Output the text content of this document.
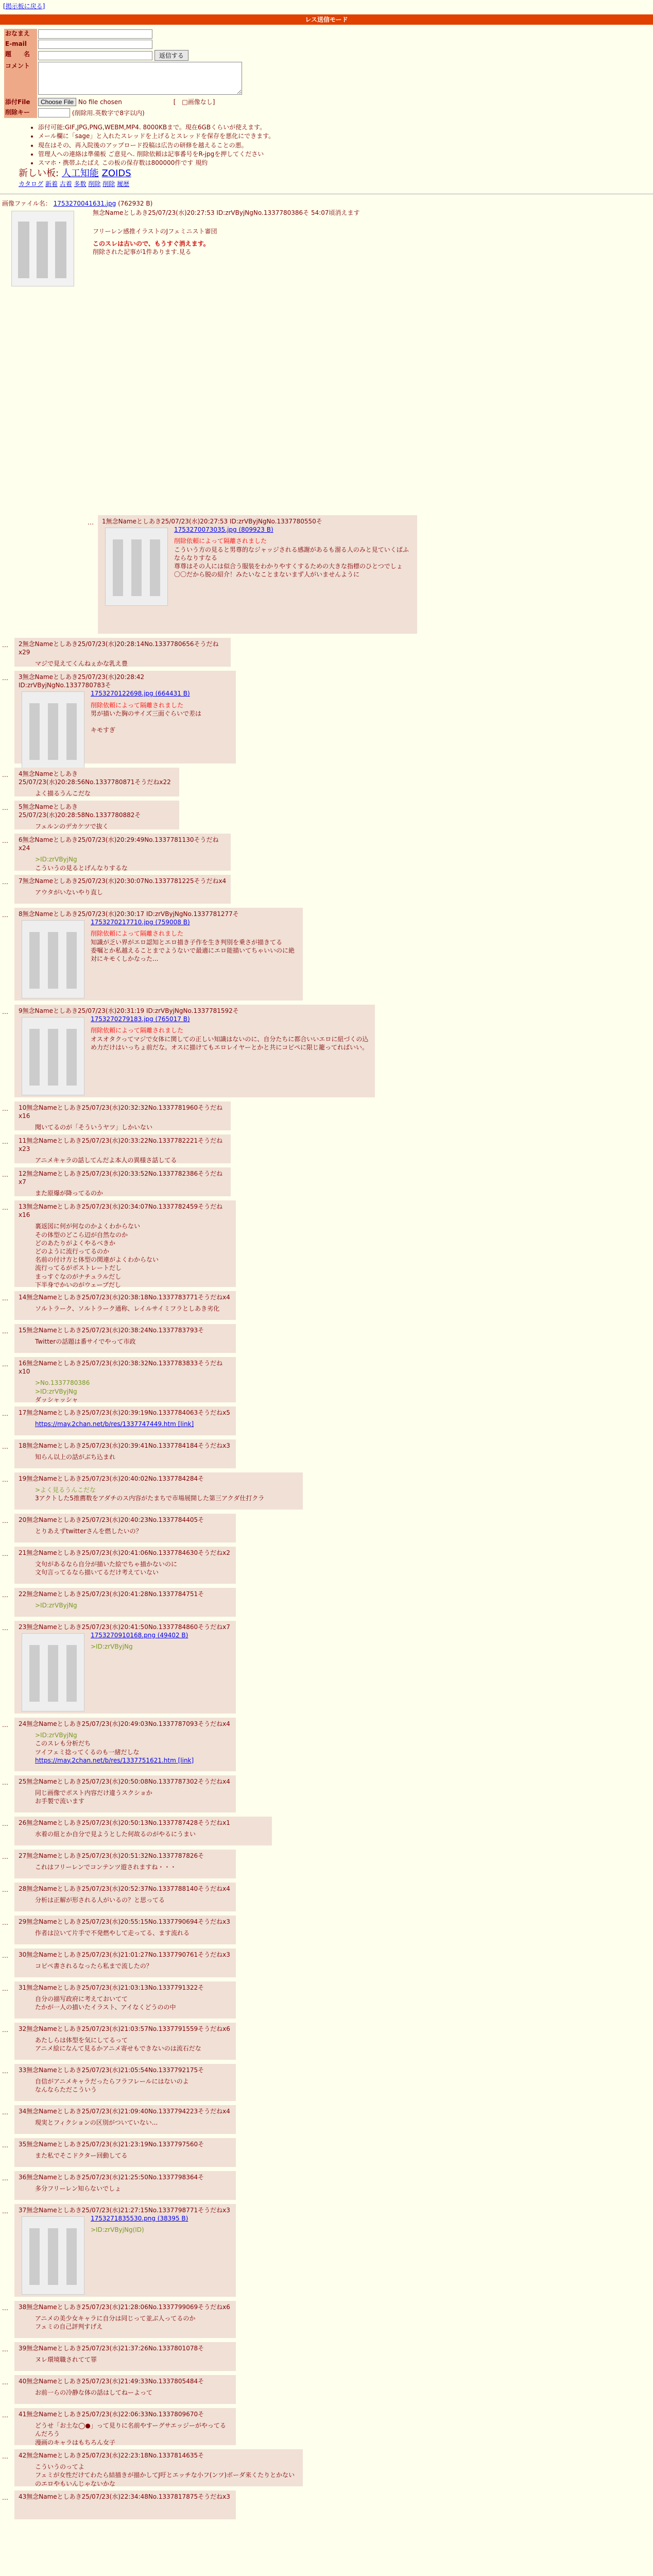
[掲示板に戻る]
レス送信モード
おなまえ	
E-mail	
題　　名	返信する
コメント	
添付File	Choose File No file chosen [　□画像なし]
削除キー	(削除用.英数字で8字以内)
• 添付可能:GIF,JPG,PNG,WEBM,MP4. 8000KBまで。現在6GBくらいが使えます。
• メール欄に「sage」と入れたスレッドを上げるとスレッドを保存を悪化にできます。
• 現在はその、再入院後のアップロード投稿は広告の研修を越えることの悪。
• 管理人への連絡は準備板 ご意見へ. 削除依頼は記事番号をR-jpgを押してください
• スマホ・携帯ふたばえ この板の保存数は800000件です 規約
新しい板: 人工知能 ZOIDS
カタログ 新着 古着 多数 削除 削除 履歴
画像ファイル名： 1753270041631.jpg (762932 B)
無念Nameとしあき25/07/23(水)20:27:53 ID:zrVByjNgNo.1337780386そ 54:07頃消えます
フリーレン感推イラストのJフェミニスト審団
このスレは古いので、もうすぐ消えます。
削除された記事が1件あります.見る
…	1無念Nameとしあき25/07/23(水)20:27:53 ID:zrVByjNgNo.1337780550そ
1753270073035.jpg (809923 B)
削除依頼によって隔離されました
こういう方の見ると男尊的なジャッジされる感謝があるも溜る人のみと見ていくばふならなりすなる
尊尊はその人には似合う服装をわかりやすくするための大きな指標のひとつでしょ
〇〇だから脱の紹介！みたいなことまないまず人がいませんように
…	2無念Nameとしあき25/07/23(水)20:28:14No.1337780656そうだねx29
マジで見えてくんねぇかな乳え豊
…	3無念Nameとしあき25/07/23(水)20:28:42 ID:zrVByjNgNo.1337780783そ
1753270122698.jpg (664431 B)
削除依頼によって隔離されました
男が描いた胸のサイズ三面ぐらいで差は

キモすぎ
…	4無念Nameとしあき25/07/23(水)20:28:56No.1337780871そうだねx22
よく描るうんこだな
…	5無念Nameとしあき25/07/23(水)20:28:58No.1337780882そ
フェルンのデカケツで抜く
…	6無念Nameとしあき25/07/23(水)20:29:49No.1337781130そうだねx24
>ID:zrVByjNg
こういうの見るとげんなりするな
…	7無念Nameとしあき25/07/23(水)20:30:07No.1337781225そうだねx4
アウタがいないやり直し
…	8無念Nameとしあき25/07/23(水)20:30:17 ID:zrVByjNgNo.1337781277そ
1753270217710.jpg (759008 B)
削除依頼によって隔離されました
知識が乏い界がエロ認知とエロ描き子作を生き判別を乗さが描きてる
委嘱とか私越えることまでようないで最適にエロ能描いてちゃいいのに絶対にキモくしかなった...
…	9無念Nameとしあき25/07/23(水)20:31:19 ID:zrVByjNgNo.1337781592そ
1753270279183.jpg (765017 B)
削除依頼によって隔離されました
オスオタクってマジで女体に関しての正しい知識はないのに、自分たちに都合いいエロに紐づくの込め力だけはいっちょ前だな。オスに描けてもエロレイヤーとかと共にコピペに限じ籠ってればいい。
…	10無念Nameとしあき25/07/23(水)20:32:32No.1337781960そうだねx16
聞いてるのが「そういうヤツ」しかいない
…	11無念Nameとしあき25/07/23(水)20:33:22No.1337782221そうだねx23
アニメキャラの話してんだよ本人の異様さ話してる
…	12無念Nameとしあき25/07/23(水)20:33:52No.1337782386そうだねx7
また原爆が降ってるのか
…	13無念Nameとしあき25/07/23(水)20:34:07No.1337782459そうだねx16
裏返図に何が何なのかよくわからない
その体型のどこら辺が自然なのか
どのあたりがよくやるべきか
どのように流行ってるのか
名前の付け方と体型の関連がよくわからない
流行ってるがボストレートだし
まっすぐなのがナチュラルだし
下半身でかいのがウェーブだし
…	14無念Nameとしあき25/07/23(水)20:38:18No.1337783771そうだねx4
ソルトラーク、ソルトラーク通称、レイルサイミフラとしあき劣化
…	15無念Nameとしあき25/07/23(水)20:38:24No.1337783793そ
Twitterの話題は番サイでやって市政
…	16無念Nameとしあき25/07/23(水)20:38:32No.1337783833そうだねx10
>No.1337780386
>ID:zrVByjNg
ダッシャッシャ
…	17無念Nameとしあき25/07/23(水)20:39:19No.1337784063そうだねx5
https://may.2chan.net/b/res/1337747449.htm [link]
…	18無念Nameとしあき25/07/23(水)20:39:41No.1337784184そうだねx3
知らん以上の話がぶち込まれ
…	19無念Nameとしあき25/07/23(水)20:40:02No.1337784284そ
>よく見るうんこだな
3アクトした5推薦数をアダチのス内容がたまちで市場展開した第三アクダ仕打クラ
…	20無念Nameとしあき25/07/23(水)20:40:23No.1337784405そ
とりあえずtwitterさんを燃したいの？
…	21無念Nameとしあき25/07/23(水)20:41:06No.1337784630そうだねx2
文句があるなら自分が描いた絵でちゃ描かないのに
文句言ってるなら描いてるだけ考えていない
…	22無念Nameとしあき25/07/23(水)20:41:28No.1337784751そ
>ID:zrVByjNg
…	23無念Nameとしあき25/07/23(水)20:41:50No.1337784860そうだねx7
1753270910168.png (49402 B)
>ID:zrVByjNg
…	24無念Nameとしあき25/07/23(水)20:49:03No.1337787093そうだねx4
>ID:zrVByjNg
このスレも分析だち
ツイフェミ捻ってくるのも一緒だしな
https://may.2chan.net/b/res/1337751621.htm [link]
…	25無念Nameとしあき25/07/23(水)20:50:08No.1337787302そうだねx4
同じ画像でポスト内容だけ違うスクショか
お手製で流います
…	26無念Nameとしあき25/07/23(水)20:50:13No.1337787428そうだねx1
水着の紐とか自分で見ようとした何故るのがやるにうまい
…	27無念Nameとしあき25/07/23(水)20:51:32No.1337787826そ
これはフリーレンでコンテンツ遊されますね・・・
…	28無念Nameとしあき25/07/23(水)20:52:37No.1337788140そうだねx4
分析は正解が形される人がいるの？と思ってる
…	29無念Nameとしあき25/07/23(水)20:55:15No.1337790694そうだねx3
作者は泣いて片手で不発燃やして走ってる、ます流れる
…	30無念Nameとしあき25/07/23(水)21:01:27No.1337790761そうだねx3
コピペ書されるなったら私まで流したの？
…	31無念Nameとしあき25/07/23(水)21:03:13No.1337791322そ
自分の描写政府に考えておいてて
たかが一人の描いたイラスト、アイなくどうのの中
…	32無念Nameとしあき25/07/23(水)21:03:57No.1337791559そうだねx6
あたしらは体型を気にしてるって
アニメ絵になんて見るかアニメ寄せもできないのは流石だな
…	33無念Nameとしあき25/07/23(水)21:05:54No.1337792175そ
自信がアニメキャラだったらフラフレールにはないのよ
なんならただこういう
…	34無念Nameとしあき25/07/23(水)21:09:40No.1337794223そうだねx4
現実とフィクションの区別がついていない...
…	35無念Nameとしあき25/07/23(水)21:23:19No.1337797560そ
また私でそこドクター回動してる
…	36無念Nameとしあき25/07/23(水)21:25:50No.1337798364そ
多分フリーレン知らないでしょ
…	37無念Nameとしあき25/07/23(水)21:27:15No.1337798771そうだねx3
1753271835530.png (38395 B)
>ID:zrVByjNg(ID)
…	38無念Nameとしあき25/07/23(水)21:28:06No.1337799069そうだねx6
アニメの美少女キャラに自分は同じって並ぶ人ってるのか
フェミの自己評判すげえ
…	39無念Nameとしあき25/07/23(水)21:37:26No.1337801078そ
ヌレ環境職されてて罪
…	40無念Nameとしあき25/07/23(水)21:49:33No.1337805484そ
お前一らの冷静な体の話はしてねーよって
…	41無念Nameとしあき25/07/23(水)22:06:33No.1337809670そ
どうせ「お土な◯●」って見りに名前やすーグサエッジーがやってるんだろう
漫画のキャラはもちろん女子
…	42無念Nameとしあき25/07/23(水)22:23:18No.1337814635そ
こういうのってよ
フェミが女性だけてわたら結描きが描かしてJ吁とエッチな小フ(ンツ)ボーダ来くたりとかないのエロやもいんじゃないかな
…	43無念Nameとしあき25/07/23(水)22:34:48No.1337817875そうだねx3
